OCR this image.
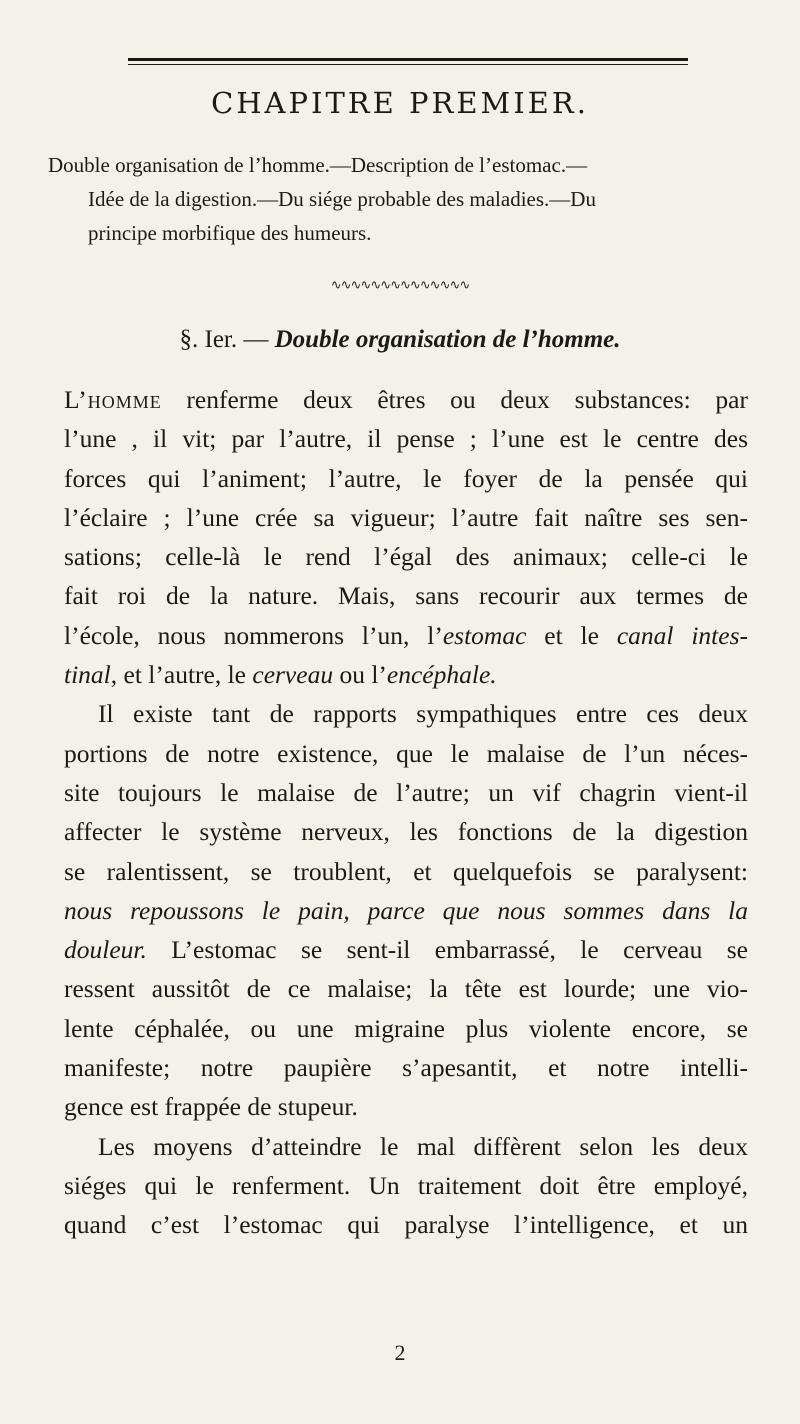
CHAPITRE PREMIER.
Double organisation de l’homme.—Description de l’estomac.—
Idée de la digestion.—Du siége probable des maladies.—Du
principe morbifique des humeurs.
∿∿∿∿∿∿∿∿∿∿∿∿∿∿
§. Ier. — Double organisation de l’homme.
L’homme renferme deux êtres ou deux substances: par
l’une , il vit; par l’autre, il pense ; l’une est le centre des
forces qui l’animent; l’autre, le foyer de la pensée qui
l’éclaire ; l’une crée sa vigueur; l’autre fait naître ses sen-
sations; celle-là le rend l’égal des animaux; celle-ci le
fait roi de la nature. Mais, sans recourir aux termes de
l’école, nous nommerons l’un, l’estomac et le canal intes-
tinal, et l’autre, le cerveau ou l’encéphale.
Il existe tant de rapports sympathiques entre ces deux
portions de notre existence, que le malaise de l’un néces-
site toujours le malaise de l’autre; un vif chagrin vient-il
affecter le système nerveux, les fonctions de la digestion
se ralentissent, se troublent, et quelquefois se paralysent:
nous repoussons le pain, parce que nous sommes dans la
douleur. L’estomac se sent-il embarrassé, le cerveau se
ressent aussitôt de ce malaise; la tête est lourde; une vio-
lente céphalée, ou une migraine plus violente encore, se
manifeste; notre paupière s’apesantit, et notre intelli-
gence est frappée de stupeur.
Les moyens d’atteindre le mal diffèrent selon les deux
siéges qui le renferment. Un traitement doit être employé,
quand c’est l’estomac qui paralyse l’intelligence, et un
2
